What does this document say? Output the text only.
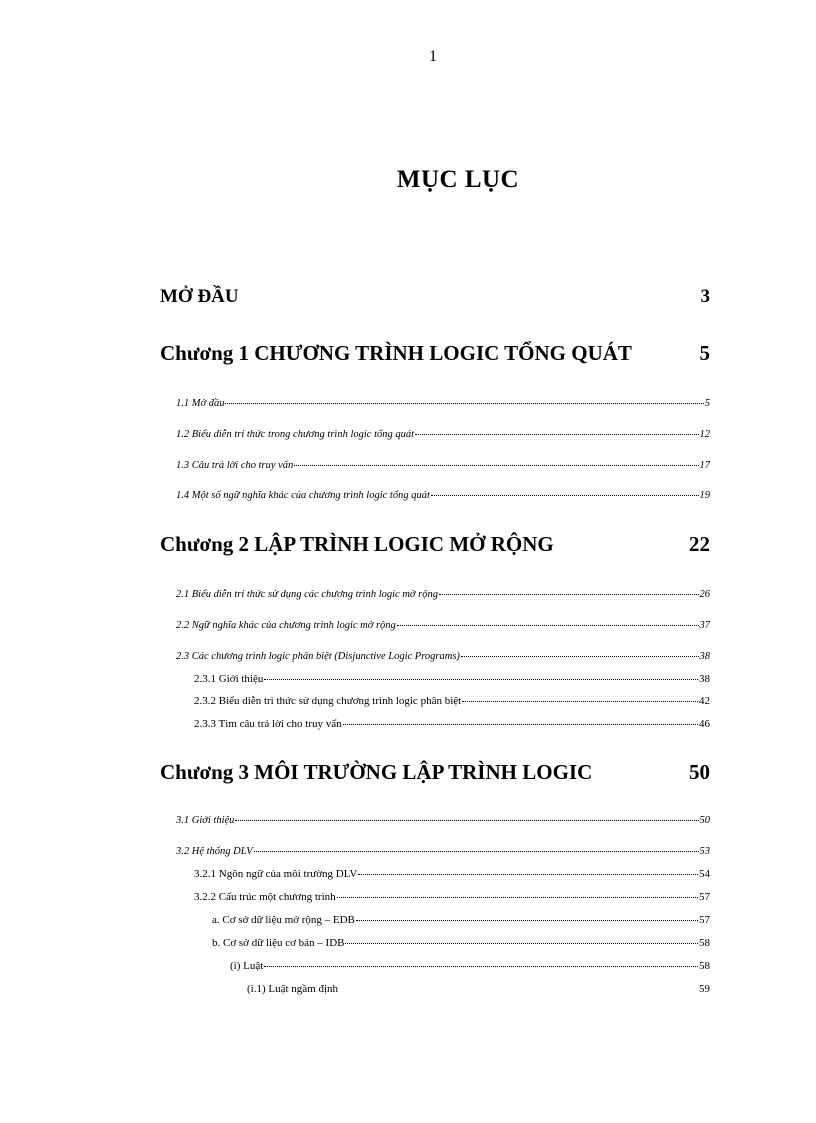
1
MỤC LỤC
MỞ ĐẦU	3
Chương 1 CHƯƠNG TRÌNH LOGIC TỔNG QUÁT	5
1.1 Mở đầu	5
1.2 Biểu diễn tri thức trong chương trình logic tổng quát	12
1.3 Câu trả lời cho truy vấn	17
1.4 Một số ngữ nghĩa khác của chương trình logic tổng quát	19
Chương 2 LẬP TRÌNH LOGIC MỞ RỘNG	22
2.1 Biểu diễn tri thức sử dụng các chương trình logic mở rộng	26
2.2 Ngữ nghĩa khác của chương trình logic mở rộng	37
2.3 Các chương trình logic phân biệt (Disjunctive Logic Programs)	38
2.3.1 Giới thiệu	38
2.3.2 Biểu diễn tri thức sử dụng chương trình logic phân biệt	42
2.3.3 Tìm câu trả lời cho truy vấn	46
Chương 3 MÔI TRƯỜNG LẬP TRÌNH LOGIC	50
3.1 Giới thiệu	50
3.2 Hệ thống DLV	53
3.2.1 Ngôn ngữ của môi trường DLV	54
3.2.2 Cấu trúc một chương trình	57
a. Cơ sở dữ liệu mở rộng – EDB	57
b. Cơ sở dữ liệu cơ bản – IDB	58
(i) Luật	58
(i.1) Luật ngầm định	59
